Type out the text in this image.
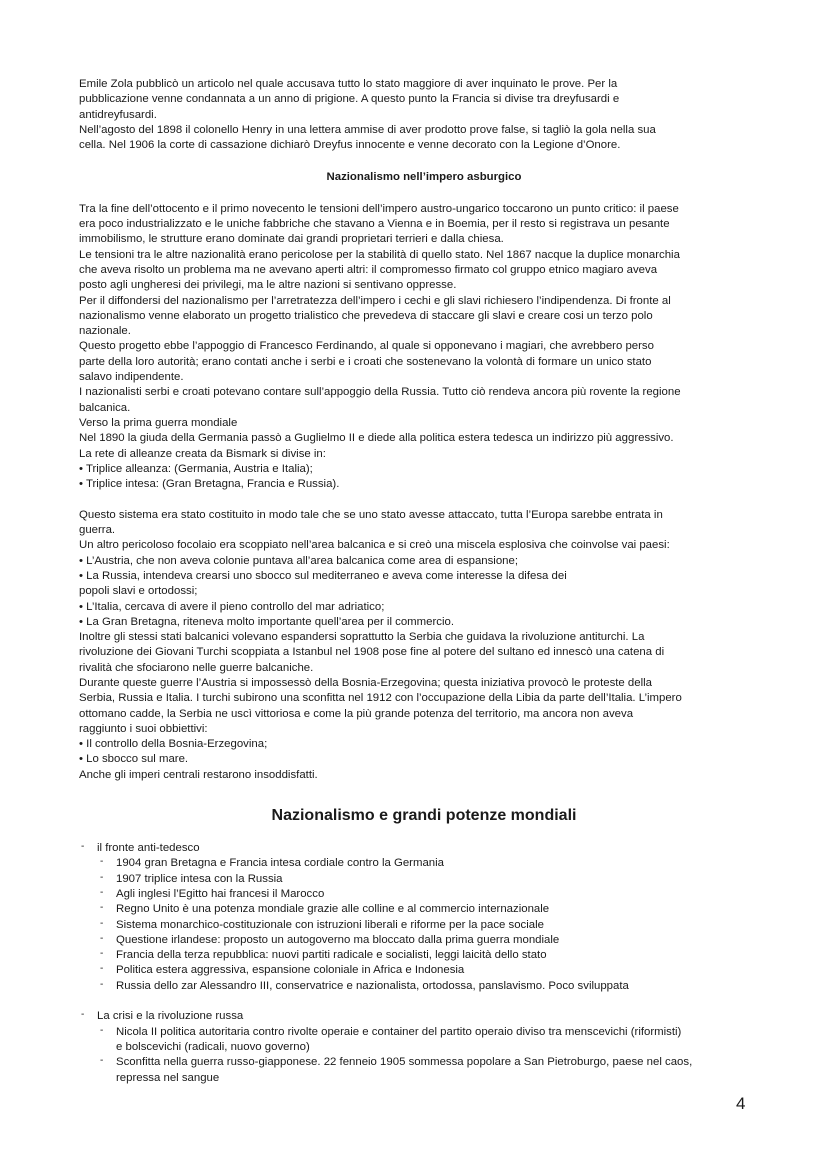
Emile Zola pubblicò un articolo nel quale accusava tutto lo stato maggiore di aver inquinato le prove. Per la
pubblicazione venne condannata a un anno di prigione. A questo punto la Francia si divise tra dreyfusardi e
antidreyfusardi.
Nell’agosto del 1898 il colonello Henry in una lettera ammise di aver prodotto prove false, si tagliò la gola nella sua
cella. Nel 1906 la corte di cassazione dichiarò Dreyfus innocente e venne decorato con la Legione d’Onore.
Nazionalismo nell’impero asburgico
Tra la fine dell’ottocento e il primo novecento le tensioni dell’impero austro-ungarico toccarono un punto critico: il paese
era poco industrializzato e le uniche fabbriche che stavano a Vienna e in Boemia, per il resto si registrava un pesante
immobilismo, le strutture erano dominate dai grandi proprietari terrieri e dalla chiesa.
Le tensioni tra le altre nazionalità erano pericolose per la stabilità di quello stato. Nel 1867 nacque la duplice monarchia
che aveva risolto un problema ma ne avevano aperti altri: il compromesso firmato col gruppo etnico magiaro aveva
posto agli ungheresi dei privilegi, ma le altre nazioni si sentivano oppresse.
Per il diffondersi del nazionalismo per l’arretratezza dell’impero i cechi e gli slavi richiesero l’indipendenza. Di fronte al
nazionalismo venne elaborato un progetto trialistico che prevedeva di staccare gli slavi e creare cosi un terzo polo
nazionale.
Questo progetto ebbe l’appoggio di Francesco Ferdinando, al quale si opponevano i magiari, che avrebbero perso
parte della loro autorità; erano contati anche i serbi e i croati che sostenevano la volontà di formare un unico stato
salavo indipendente.
I nazionalisti serbi e croati potevano contare sull’appoggio della Russia. Tutto ciò rendeva ancora più rovente la regione
balcanica.
Verso la prima guerra mondiale
Nel 1890 la giuda della Germania passò a Guglielmo II e diede alla politica estera tedesca un indirizzo più aggressivo.
La rete di alleanze creata da Bismark si divise in:
• Triplice alleanza: (Germania, Austria e Italia);
• Triplice intesa: (Gran Bretagna, Francia e Russia).
Questo sistema era stato costituito in modo tale che se uno stato avesse attaccato, tutta l’Europa sarebbe entrata in
guerra.
Un altro pericoloso focolaio era scoppiato nell’area balcanica e si creò una miscela esplosiva che coinvolse vai paesi:
• L’Austria, che non aveva colonie puntava all’area balcanica come area di espansione;
• La Russia, intendeva crearsi uno sbocco sul mediterraneo e aveva come interesse la difesa dei
popoli slavi e ortodossi;
• L’Italia, cercava di avere il pieno controllo del mar adriatico;
• La Gran Bretagna, riteneva molto importante quell’area per il commercio.
Inoltre gli stessi stati balcanici volevano espandersi soprattutto la Serbia che guidava la rivoluzione antiturchi. La
rivoluzione dei Giovani Turchi scoppiata a Istanbul nel 1908 pose fine al potere del sultano ed innescò una catena di
rivalità che sfociarono nelle guerre balcaniche.
Durante queste guerre l’Austria si impossessò della Bosnia-Erzegovina; questa iniziativa provocò le proteste della
Serbia, Russia e Italia. I turchi subirono una sconfitta nel 1912 con l’occupazione della Libia da parte dell’Italia. L’impero
ottomano cadde, la Serbia ne uscì vittoriosa e come la più grande potenza del territorio, ma ancora non aveva
raggiunto i suoi obbiettivi:
• Il controllo della Bosnia-Erzegovina;
• Lo sbocco sul mare.
Anche gli imperi centrali restarono insoddisfatti.
Nazionalismo e grandi potenze mondiali
- il fronte anti-tedesco
- 1904 gran Bretagna e Francia intesa cordiale contro la Germania
- 1907 triplice intesa con la Russia
- Agli inglesi l’Egitto hai francesi il Marocco
- Regno Unito è una potenza mondiale grazie alle colline e al commercio internazionale
- Sistema monarchico-costituzionale con istruzioni liberali e riforme per la pace sociale
- Questione irlandese: proposto un autogoverno ma bloccato dalla prima guerra mondiale
- Francia della terza repubblica: nuovi partiti radicale e socialisti, leggi laicità dello stato
- Politica estera aggressiva, espansione coloniale in Africa e Indonesia
- Russia dello zar Alessandro III, conservatrice e nazionalista, ortodossa, panslavismo. Poco sviluppata
- La crisi e la rivoluzione russa
- Nicola II politica autoritaria contro rivolte operaie e container del partito operaio diviso tra menscevichi (riformisti)
e bolscevichi (radicali, nuovo governo)
- Sconfitta nella guerra russo-giapponese. 22 fenneio 1905 sommessa popolare a San Pietroburgo, paese nel caos,
repressa nel sangue
4
